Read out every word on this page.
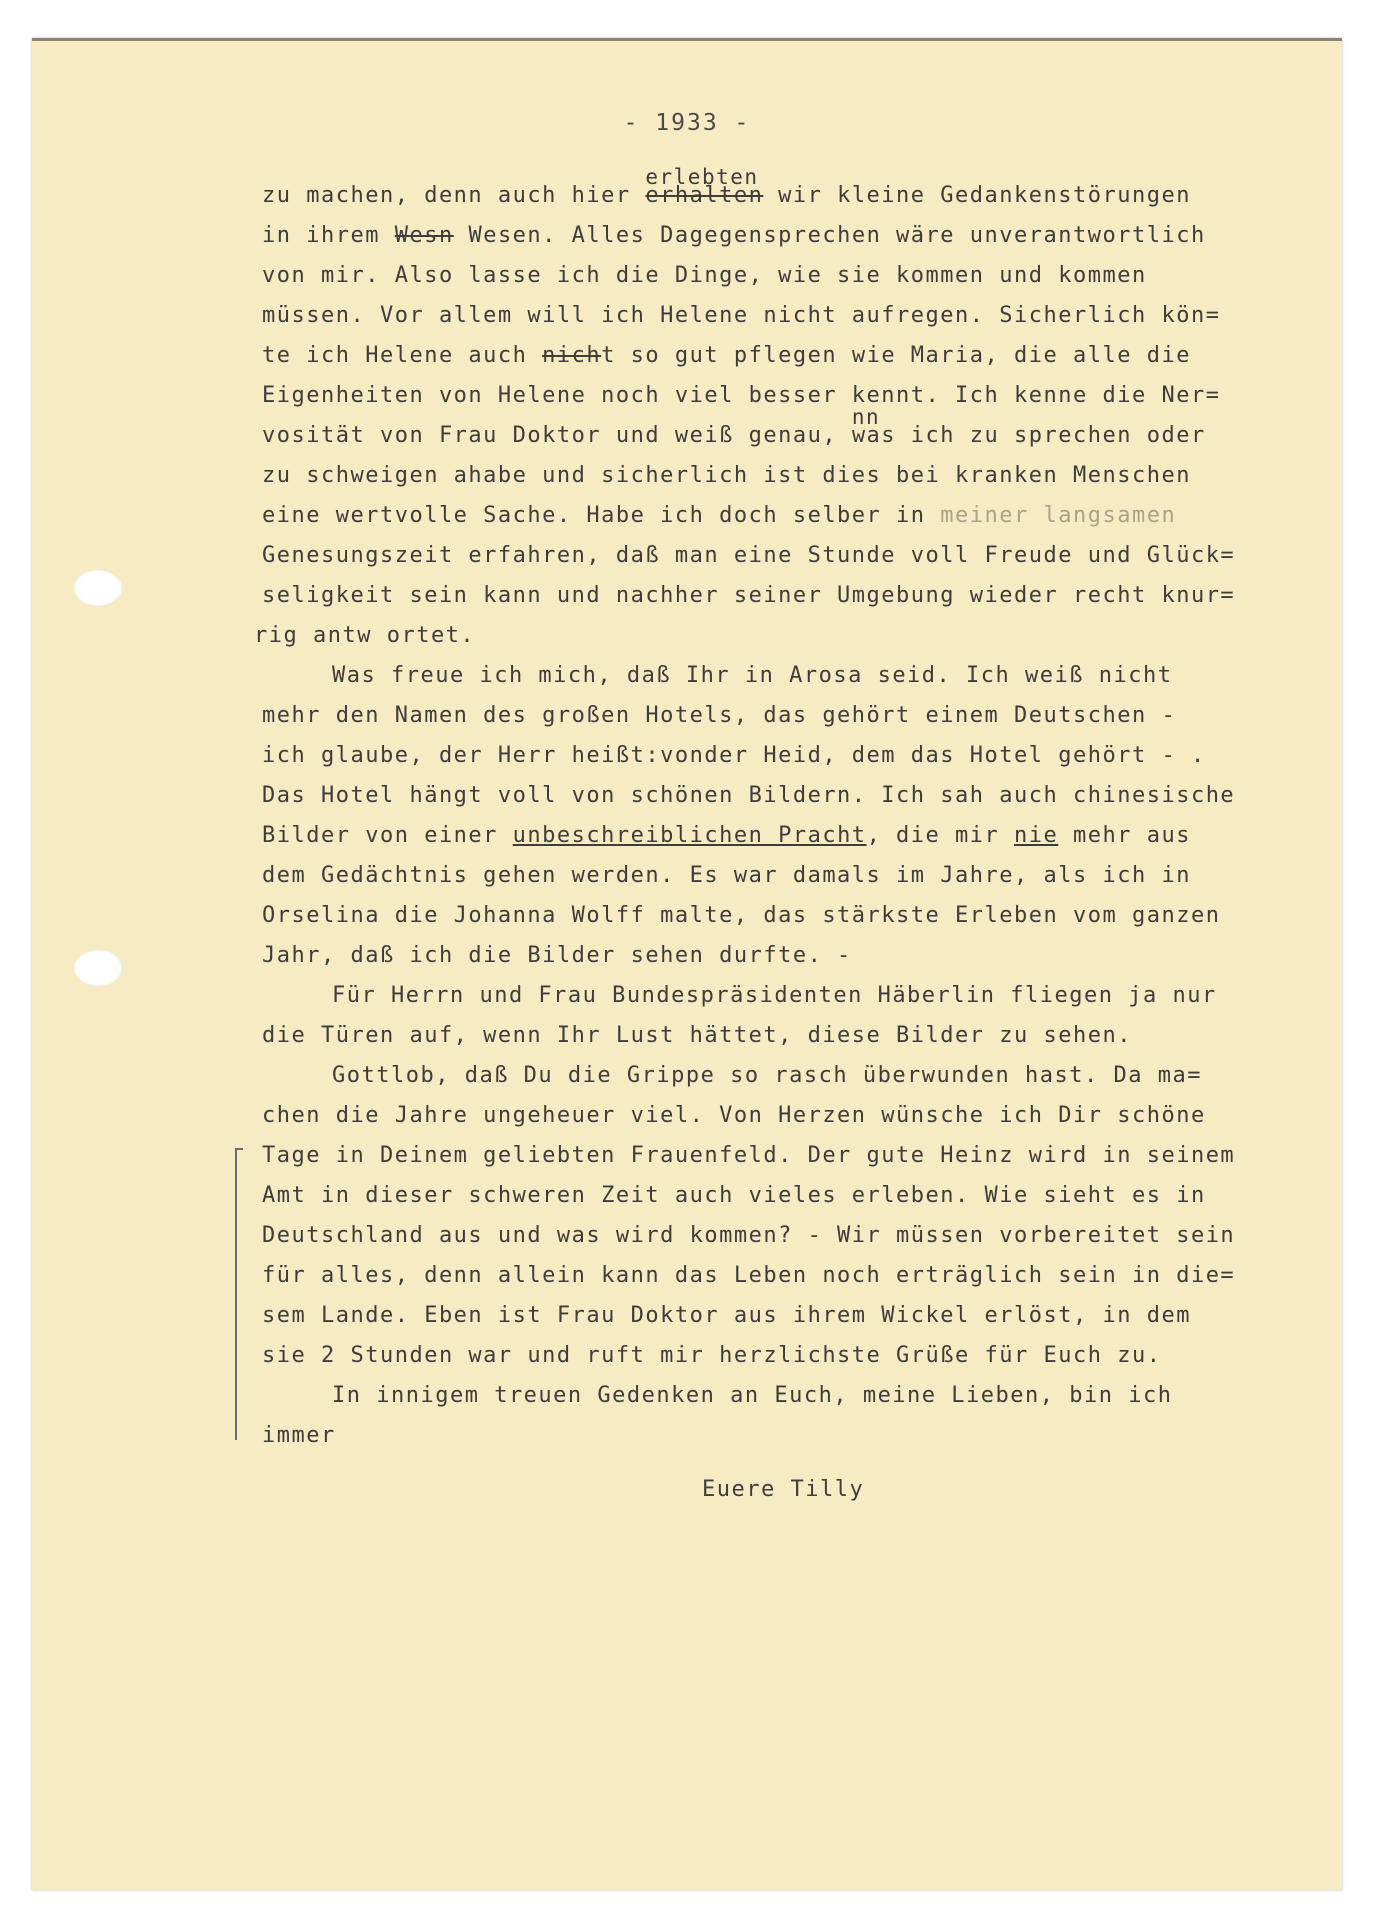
- 1933 -
zu machen, denn auch hier erhalten
erlebten
wir kleine Gedankenstörungen
in ihrem Wesn Wesen. Alles Dagegensprechen wäre unverantwortlich
von mir. Also lasse ich die Dinge, wie sie kommen und kommen
müssen. Vor allem will ich Helene nicht aufregen. Sicherlich kön=
te ich Helene auch nicht so gut pflegen wie Maria, die alle die
Eigenheiten von Helene noch viel besser kennt. Ich kenne die Ner=
vosität von Frau Doktor und weiß genau, was
nn
ich zu sprechen oder
zu schweigen ahabe und sicherlich ist dies bei kranken Menschen
eine wertvolle Sache. Habe ich doch selber in meiner langsamen
Genesungszeit erfahren, daß man eine Stunde voll Freude und Glück=
seligkeit sein kann und nachher seiner Umgebung wieder recht knur=
rig antw ortet.
Was freue ich mich, daß Ihr in Arosa seid. Ich weiß nicht
mehr den Namen des großen Hotels, das gehört einem Deutschen -
ich glaube, der Herr heißt:vonder Heid, dem das Hotel gehört - .
Das Hotel hängt voll von schönen Bildern. Ich sah auch chinesische
Bilder von einer unbeschreiblichen Pracht, die mir nie mehr aus
dem Gedächtnis gehen werden. Es war damals im Jahre, als ich in
Orselina die Johanna Wolff malte, das stärkste Erleben vom ganzen
Jahr, daß ich die Bilder sehen durfte. -
Für Herrn und Frau Bundespräsidenten Häberlin fliegen ja nur
die Türen auf, wenn Ihr Lust hättet, diese Bilder zu sehen.
Gottlob, daß Du die Grippe so rasch überwunden hast. Da ma=
chen die Jahre ungeheuer viel. Von Herzen wünsche ich Dir schöne
Tage in Deinem geliebten Frauenfeld. Der gute Heinz wird in seinem
Amt in dieser schweren Zeit auch vieles erleben. Wie sieht es in
Deutschland aus und was wird kommen? - Wir müssen vorbereitet sein
für alles, denn allein kann das Leben noch erträglich sein in die=
sem Lande. Eben ist Frau Doktor aus ihrem Wickel erlöst, in dem
sie 2 Stunden war und ruft mir herzlichste Grüße für Euch zu.
In innigem treuen Gedenken an Euch, meine Lieben, bin ich
immer
Euere Tilly
